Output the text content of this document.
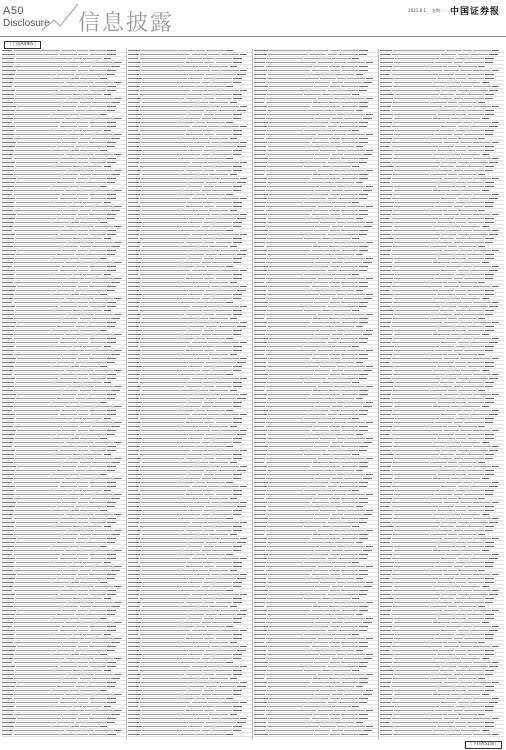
A50
Disclosure 信息披露
2021.6.1 星期二 中国证券报
（上接A49版）
（下转A51版）
